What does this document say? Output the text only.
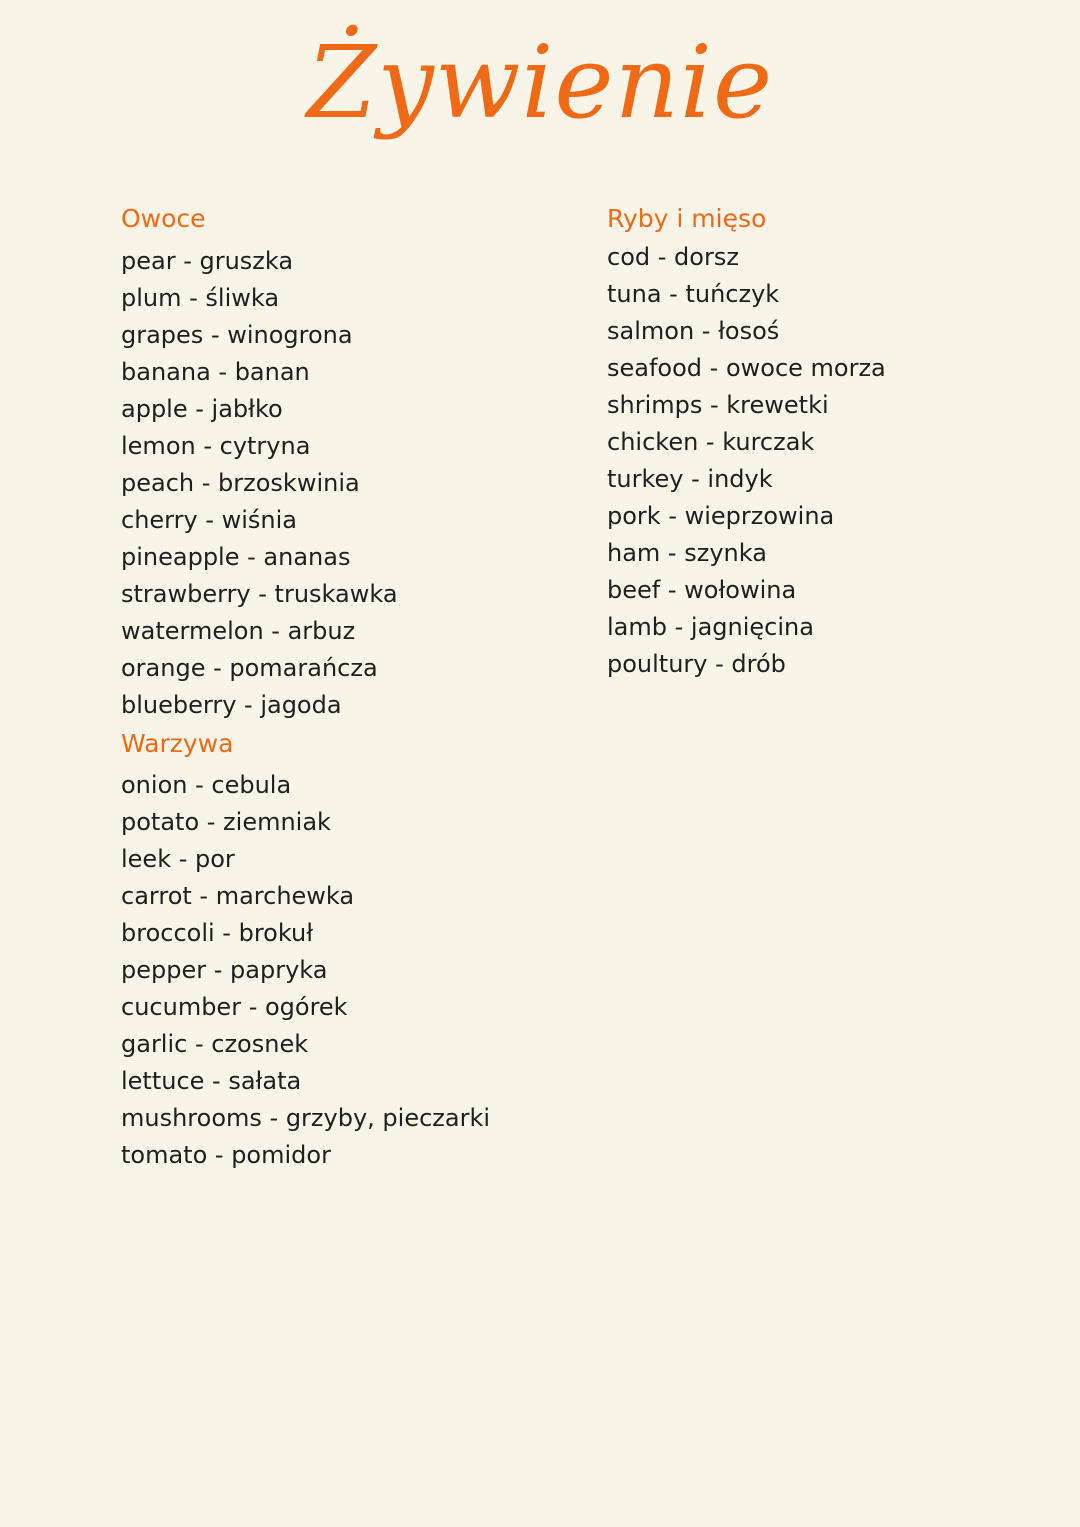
Żywienie
Owoce
pear - gruszka
plum - śliwka
grapes - winogrona
banana - banan
apple - jabłko
lemon - cytryna
peach - brzoskwinia
cherry - wiśnia
pineapple - ananas
strawberry - truskawka
watermelon - arbuz
orange - pomarańcza
blueberry - jagoda
Warzywa
onion - cebula
potato - ziemniak
leek - por
carrot - marchewka
broccoli - brokuł
pepper - papryka
cucumber - ogórek
garlic - czosnek
lettuce - sałata
mushrooms - grzyby, pieczarki
tomato - pomidor
Ryby i mięso
cod - dorsz
tuna - tuńczyk
salmon - łosoś
seafood - owoce morza
shrimps - krewetki
chicken - kurczak
turkey - indyk
pork - wieprzowina
ham - szynka
beef - wołowina
lamb - jagnięcina
poultury - drób
